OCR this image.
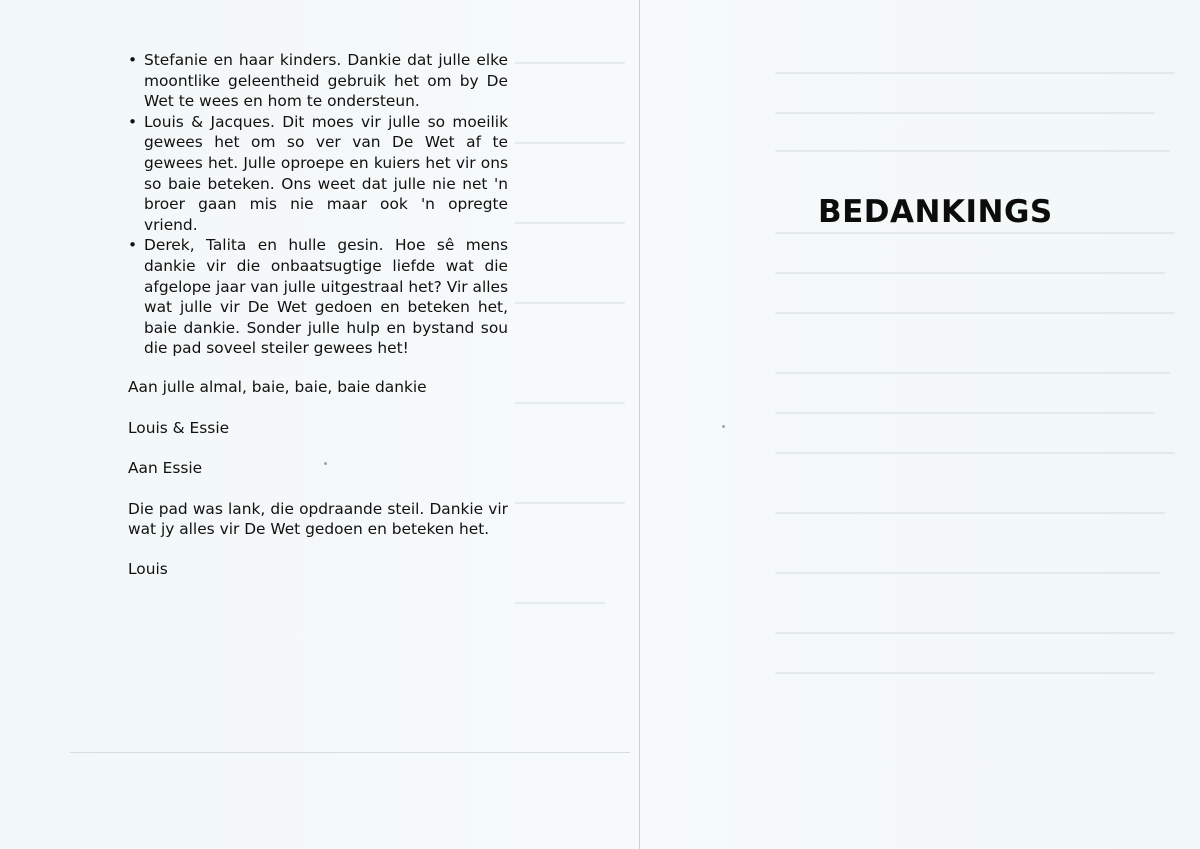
• Stefanie en haar kinders. Dankie dat julle elke moontlike geleentheid gebruik het om by De Wet te wees en hom te ondersteun.
• Louis & Jacques. Dit moes vir julle so moeilik gewees het om so ver van De Wet af te gewees het. Julle oproepe en kuiers het vir ons so baie beteken. Ons weet dat julle nie net 'n broer gaan mis nie maar ook 'n opregte vriend.
• Derek, Talita en hulle gesin. Hoe sê mens dankie vir die onbaatsugtige liefde wat die afgelope jaar van julle uitgestraal het? Vir alles wat julle vir De Wet gedoen en beteken het, baie dankie. Sonder julle hulp en bystand sou die pad soveel steiler gewees het!

Aan julle almal, baie, baie, baie dankie

Louis & Essie

Aan Essie

Die pad was lank, die opdraande steil. Dankie vir wat jy alles vir De Wet gedoen en beteken het.

Louis

BEDANKINGS
